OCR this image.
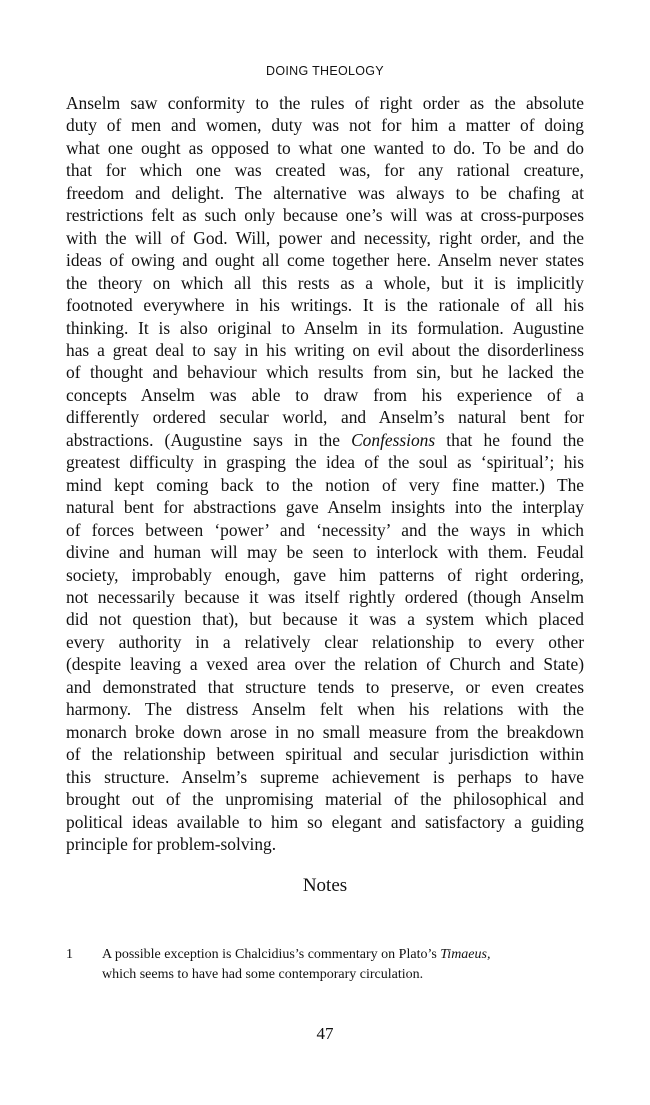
DOING THEOLOGY

Anselm saw conformity to the rules of right order as the absolute
duty of men and women, duty was not for him a matter of doing
what one ought as opposed to what one wanted to do. To be and do
that for which one was created was, for any rational creature,
freedom and delight. The alternative was always to be chafing at
restrictions felt as such only because one’s will was at cross-purposes
with the will of God. Will, power and necessity, right order, and the
ideas of owing and ought all come together here. Anselm never states
the theory on which all this rests as a whole, but it is implicitly
footnoted everywhere in his writings. It is the rationale of all his
thinking. It is also original to Anselm in its formulation. Augustine
has a great deal to say in his writing on evil about the disorderliness
of thought and behaviour which results from sin, but he lacked the
concepts Anselm was able to draw from his experience of a
differently ordered secular world, and Anselm’s natural bent for
abstractions. (Augustine says in the Confessions that he found the
greatest difficulty in grasping the idea of the soul as ‘spiritual’; his
mind kept coming back to the notion of very fine matter.) The
natural bent for abstractions gave Anselm insights into the interplay
of forces between ‘power’ and ‘necessity’ and the ways in which
divine and human will may be seen to interlock with them. Feudal
society, improbably enough, gave him patterns of right ordering,
not necessarily because it was itself rightly ordered (though Anselm
did not question that), but because it was a system which placed
every authority in a relatively clear relationship to every other
(despite leaving a vexed area over the relation of Church and State)
and demonstrated that structure tends to preserve, or even creates
harmony. The distress Anselm felt when his relations with the
monarch broke down arose in no small measure from the breakdown
of the relationship between spiritual and secular jurisdiction within
this structure. Anselm’s supreme achievement is perhaps to have
brought out of the unpromising material of the philosophical and
political ideas available to him so elegant and satisfactory a guiding
principle for problem-solving.

Notes
1 A possible exception is Chalcidius’s commentary on Plato’s Timaeus,
which seems to have had some contemporary circulation.
47
